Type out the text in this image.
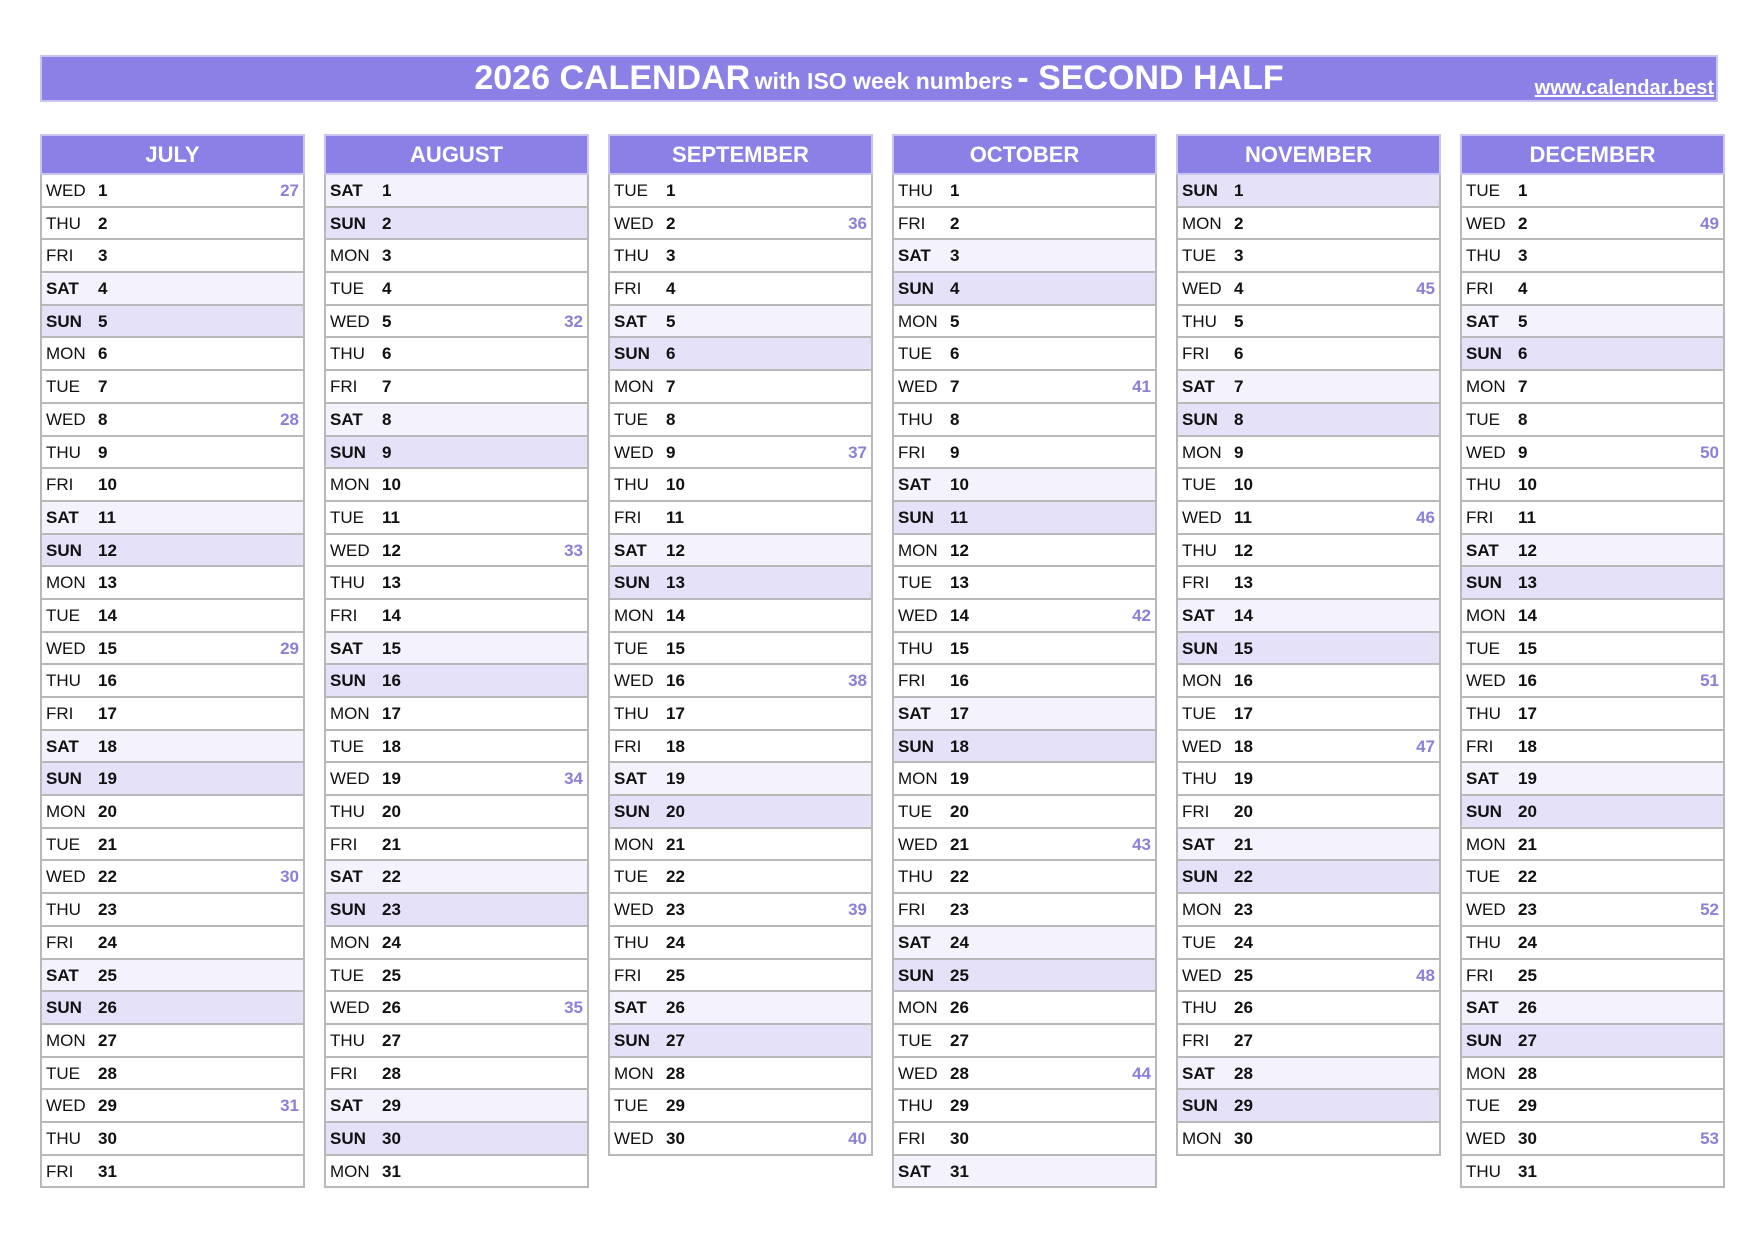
2026 CALENDAR with ISO week numbers - SECOND HALF	www.calendar.best
JULY
WED 1	27
THU	2
FRI	3
SAT	4
SUN 5
MON 6
TUE	7
WED 8	28
THU	9
FRI	10
SAT	11
SUN 12
MON 13
TUE	14
WED 15	29
THU	16
FRI	17
SAT	18
SUN 19
MON 20
TUE	21
WED 22	30
THU	23
FRI	24
SAT	25
SUN 26
MON 27
TUE	28
WED 29	31
THU	30
FRI	31
AUGUST
SAT	1
SUN 2
MON 3
TUE	4
WED 5	32
THU	6
FRI	7
SAT	8
SUN 9
MON 10
TUE	11
WED 12	33
THU	13
FRI	14
SAT	15
SUN 16
MON 17
TUE	18
WED 19	34
THU	20
FRI	21
SAT	22
SUN 23
MON 24
TUE	25
WED 26	35
THU	27
FRI	28
SAT	29
SUN 30
MON 31
SEPTEMBER
TUE	1
WED 2	36
THU	3
FRI	4
SAT	5
SUN 6
MON 7
TUE	8
WED 9	37
THU	10
FRI	11
SAT	12
SUN 13
MON 14
TUE	15
WED 16	38
THU	17
FRI	18
SAT	19
SUN 20
MON 21
TUE	22
WED 23	39
THU	24
FRI	25
SAT	26
SUN 27
MON 28
TUE	29
WED 30	40
OCTOBER
THU	1
FRI	2
SAT	3
SUN 4
MON 5
TUE	6
WED 7	41
THU	8
FRI	9
SAT	10
SUN 11
MON 12
TUE	13
WED 14	42
THU	15
FRI	16
SAT	17
SUN 18
MON 19
TUE	20
WED 21	43
THU	22
FRI	23
SAT	24
SUN 25
MON 26
TUE	27
WED 28	44
THU	29
FRI	30
SAT	31
NOVEMBER
SUN 1
MON 2
TUE	3
WED 4	45
THU	5
FRI	6
SAT	7
SUN 8
MON 9
TUE	10
WED 11	46
THU	12
FRI	13
SAT	14
SUN 15
MON 16
TUE	17
WED 18	47
THU	19
FRI	20
SAT	21
SUN 22
MON 23
TUE	24
WED 25	48
THU	26
FRI	27
SAT	28
SUN 29
MON 30
DECEMBER
TUE	1
WED 2	49
THU	3
FRI	4
SAT	5
SUN 6
MON 7
TUE	8
WED 9	50
THU	10
FRI	11
SAT	12
SUN 13
MON 14
TUE	15
WED 16	51
THU	17
FRI	18
SAT	19
SUN 20
MON 21
TUE	22
WED 23	52
THU	24
FRI	25
SAT	26
SUN 27
MON 28
TUE	29
WED 30	53
THU	31
